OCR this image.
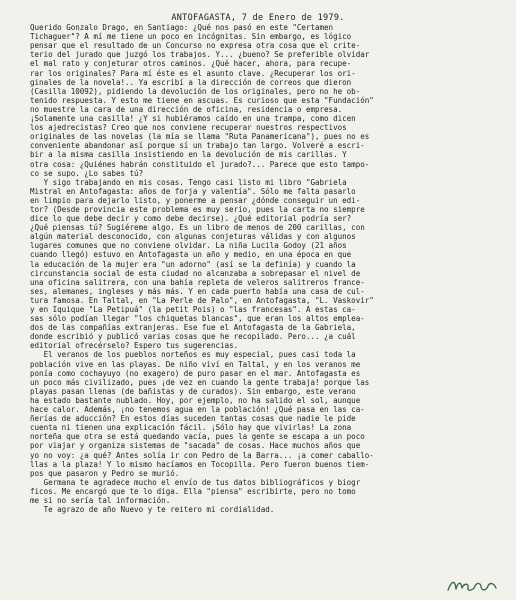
ANTOFAGASTA, 7 de Enero de 1979.
Querido Gonzalo Drago, en Santiago: ¿Qué nos pasó en este "Certamen
Tichaguer"? A mí me tiene un poco en incógnitas. Sin embargo, es lógico
pensar que el resultado de un Concurso no expresa otra cosa que el crite-
terio del jurado que juzgó los trabajos. Y... ¿bueno? Se preferible olvidar
el mal rato y conjeturar otros caminos. ¿Qué hacer, ahora, para recupe-
rar los originales? Para mí éste es el asunto clave. ¿Recuperar los ori-
ginales de la novela!.. Ya escribí a la dirección de correos que dieron
(Casilla 10092), pidiendo la devolución de los originales, pero no he ob-
tenido respuesta. Y esto me tiene en ascuas. Es curioso que esta "Fundación"
no muestre la cara de una dirección de oficina, residencia o empresa.
¡Solamente una casilla! ¿Y si hubiéramos caído en una trampa, como dicen
los ajedrecistas? Creo que nos conviene recuperar nuestros respectivos
originales de las novelas (la mía se llama "Ruta Panamericana"), pues no es
conveniente abandonar así porque sí un trabajo tan largo. Volveré a escri-
bir a la misma casilla insistiendo en la devolución de mis carillas. Y
otra cosa: ¿Quiénes habrán constituido el jurado?... Parece que esto tampo-
co se supo. ¿Lo sabes tú?
Y sigo trabajando en mis cosas. Tengo casi listo mi libro "Gabriela
Mistral en Antofagasta: años de forja y valentía". Sólo me falta pasarlo
en limpio para dejarlo listo, y ponerme a pensar ¿dónde conseguir un edi-
tor? (Desde provincia este problema es muy serio, pues la carta no siempre
dice lo que debe decir y como debe decirse). ¿Qué editorial podría ser?
¿Qué piensas tú? Sugiéreme algo. Es un libro de menos de 200 carillas, con
algún material desconocido, con algunas conjeturas válidas y con algunos
lugares comunes que no conviene olvidar. La niña Lucila Godoy (21 años
cuando llegó) estuvo en Antofagasta un año y medio, en una época en que
la educación de la mujer era "un adorno" (así se la definía) y cuando la
circunstancia social de esta ciudad no alcanzaba a sobrepasar el nivel de
una oficina salitrera, con una bahía repleta de veleros salitreros france-
ses, alemanes, ingleses y más más. Y en cada puerto había una casa de cul-
tura famosa. En Taltal, en "La Perle de Palo", en Antofagasta, "L. Vaskovir"
y en Iquique "La Petipuá" (la petit Pois) o "las francesas". A estas ca-
sas sólo podían llegar "los chiquetas blancas", que eran los altos emplea-
dos de las compañías extranjeras. Ese fue el Antofagasta de la Gabriela,
donde escribió y publicó varias cosas que he recopilado. Pero... ¿a cuál
editorial ofrecérselo? Espero tus sugerencias.
El veranos de los pueblos norteños es muy especial, pues casi toda la
población vive en las playas. De niño viví en Taltal, y en los veranos me
ponía como cochayuyo (no exagero) de puro pasar en el mar. Antofagasta es
un poco más civilizado, pues ¡de vez en cuando la gente trabaja! porque las
playas pasan llenas (de bañistas y de curados). Sin embargo, este verano
ha estado bastante nublado. Hoy, por ejemplo, no ha salido el sol, aunque
hace calor. Además, ¡no tenemos agua en la población! ¿Qué pasa en las ca-
ñerías de aducción? En estos días suceden tantas cosas que nadie le pide
cuenta ni tienen una explicación fácil. ¡Sólo hay que vivirlas! La zona
norteña que otra se está quedando vacía, pues la gente se escapa a un poco
por viajar y organiza sistemas de "sacada" de cosas. Hace muchos años que
yo no voy: ¿a qué? Antes solía ir con Pedro de la Barra... ¡a comer caballo-
llas a la plaza! Y lo mismo hacíamos en Tocopilla. Pero fueron buenos tiem-
pos que pasaron y Pedro se murió.
Germana te agradece mucho el envío de tus datos bibliográficos y biogr
ficos. Me encargó que te lo diga. Ella "piensa" escribirte, pero no tomo
me si no sería tal información.
Te agrazo de año Nuevo y te reitero mi cordialidad.
